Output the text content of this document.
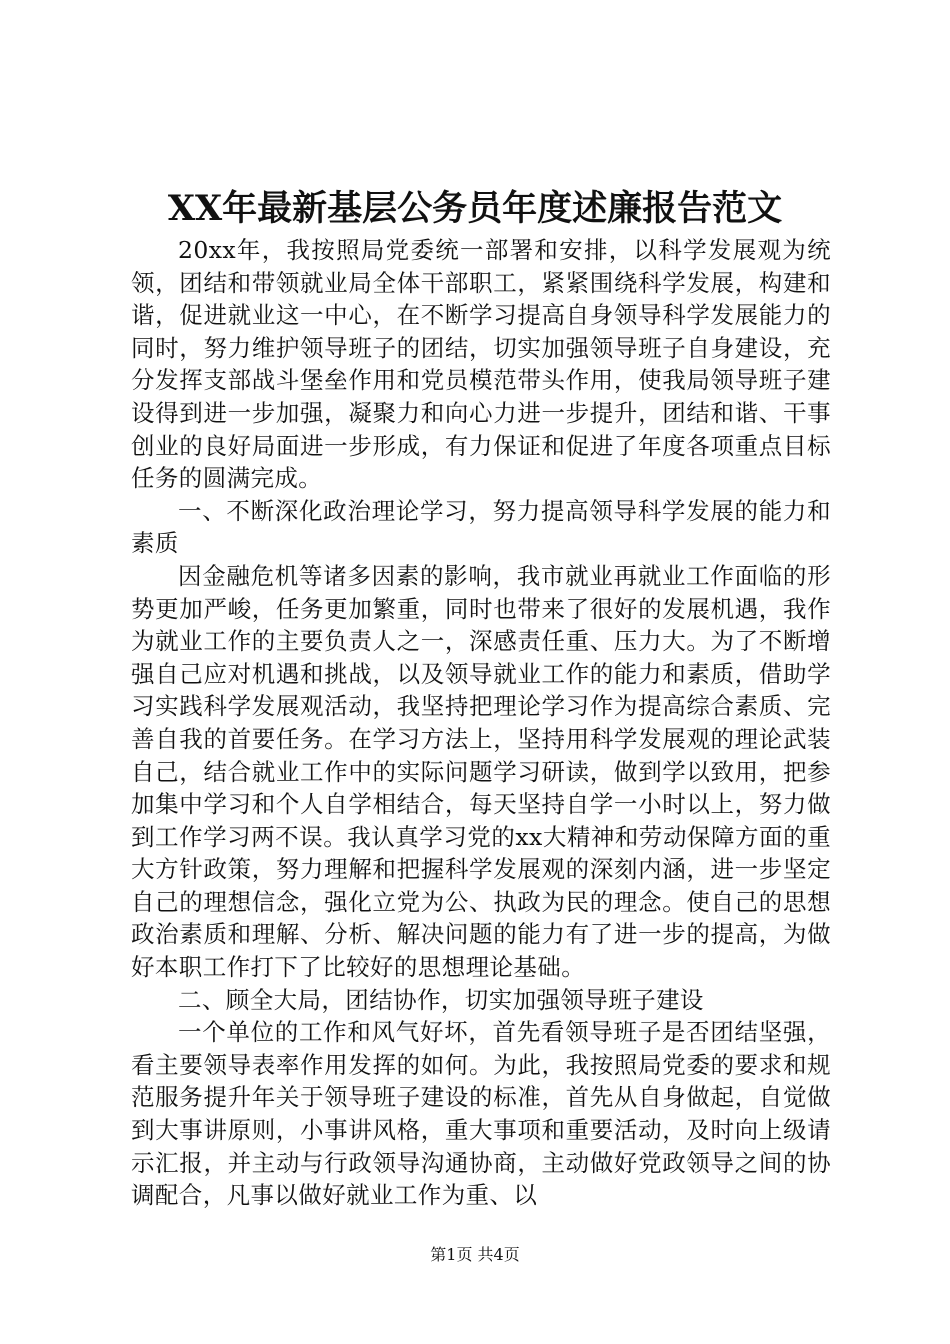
XX年最新基层公务员年度述廉报告范文

20xx年，我按照局党委统一部署和安排，以科学发展观为统领，团结和带领就业局全体干部职工，紧紧围绕科学发展，构建和谐，促进就业这一中心，在不断学习提高自身领导科学发展能力的同时，努力维护领导班子的团结，切实加强领导班子自身建设，充分发挥支部战斗堡垒作用和党员模范带头作用，使我局领导班子建设得到进一步加强，凝聚力和向心力进一步提升，团结和谐、干事创业的良好局面进一步形成，有力保证和促进了年度各项重点目标任务的圆满完成。

一、不断深化政治理论学习，努力提高领导科学发展的能力和素质

因金融危机等诸多因素的影响，我市就业再就业工作面临的形势更加严峻，任务更加繁重，同时也带来了很好的发展机遇，我作为就业工作的主要负责人之一，深感责任重、压力大。为了不断增强自己应对机遇和挑战，以及领导就业工作的能力和素质，借助学习实践科学发展观活动，我坚持把理论学习作为提高综合素质、完善自我的首要任务。在学习方法上，坚持用科学发展观的理论武装自己，结合就业工作中的实际问题学习研读，做到学以致用，把参加集中学习和个人自学相结合，每天坚持自学一小时以上，努力做到工作学习两不误。我认真学习党的xx大精神和劳动保障方面的重大方针政策，努力理解和把握科学发展观的深刻内涵，进一步坚定自己的理想信念，强化立党为公、执政为民的理念。使自己的思想政治素质和理解、分析、解决问题的能力有了进一步的提高，为做好本职工作打下了比较好的思想理论基础。

二、顾全大局，团结协作，切实加强领导班子建设

一个单位的工作和风气好坏，首先看领导班子是否团结坚强，看主要领导表率作用发挥的如何。为此，我按照局党委的要求和规范服务提升年关于领导班子建设的标准，首先从自身做起，自觉做到大事讲原则，小事讲风格，重大事项和重要活动，及时向上级请示汇报，并主动与行政领导沟通协商，主动做好党政领导之间的协调配合，凡事以做好就业工作为重、以

第1页 共4页
